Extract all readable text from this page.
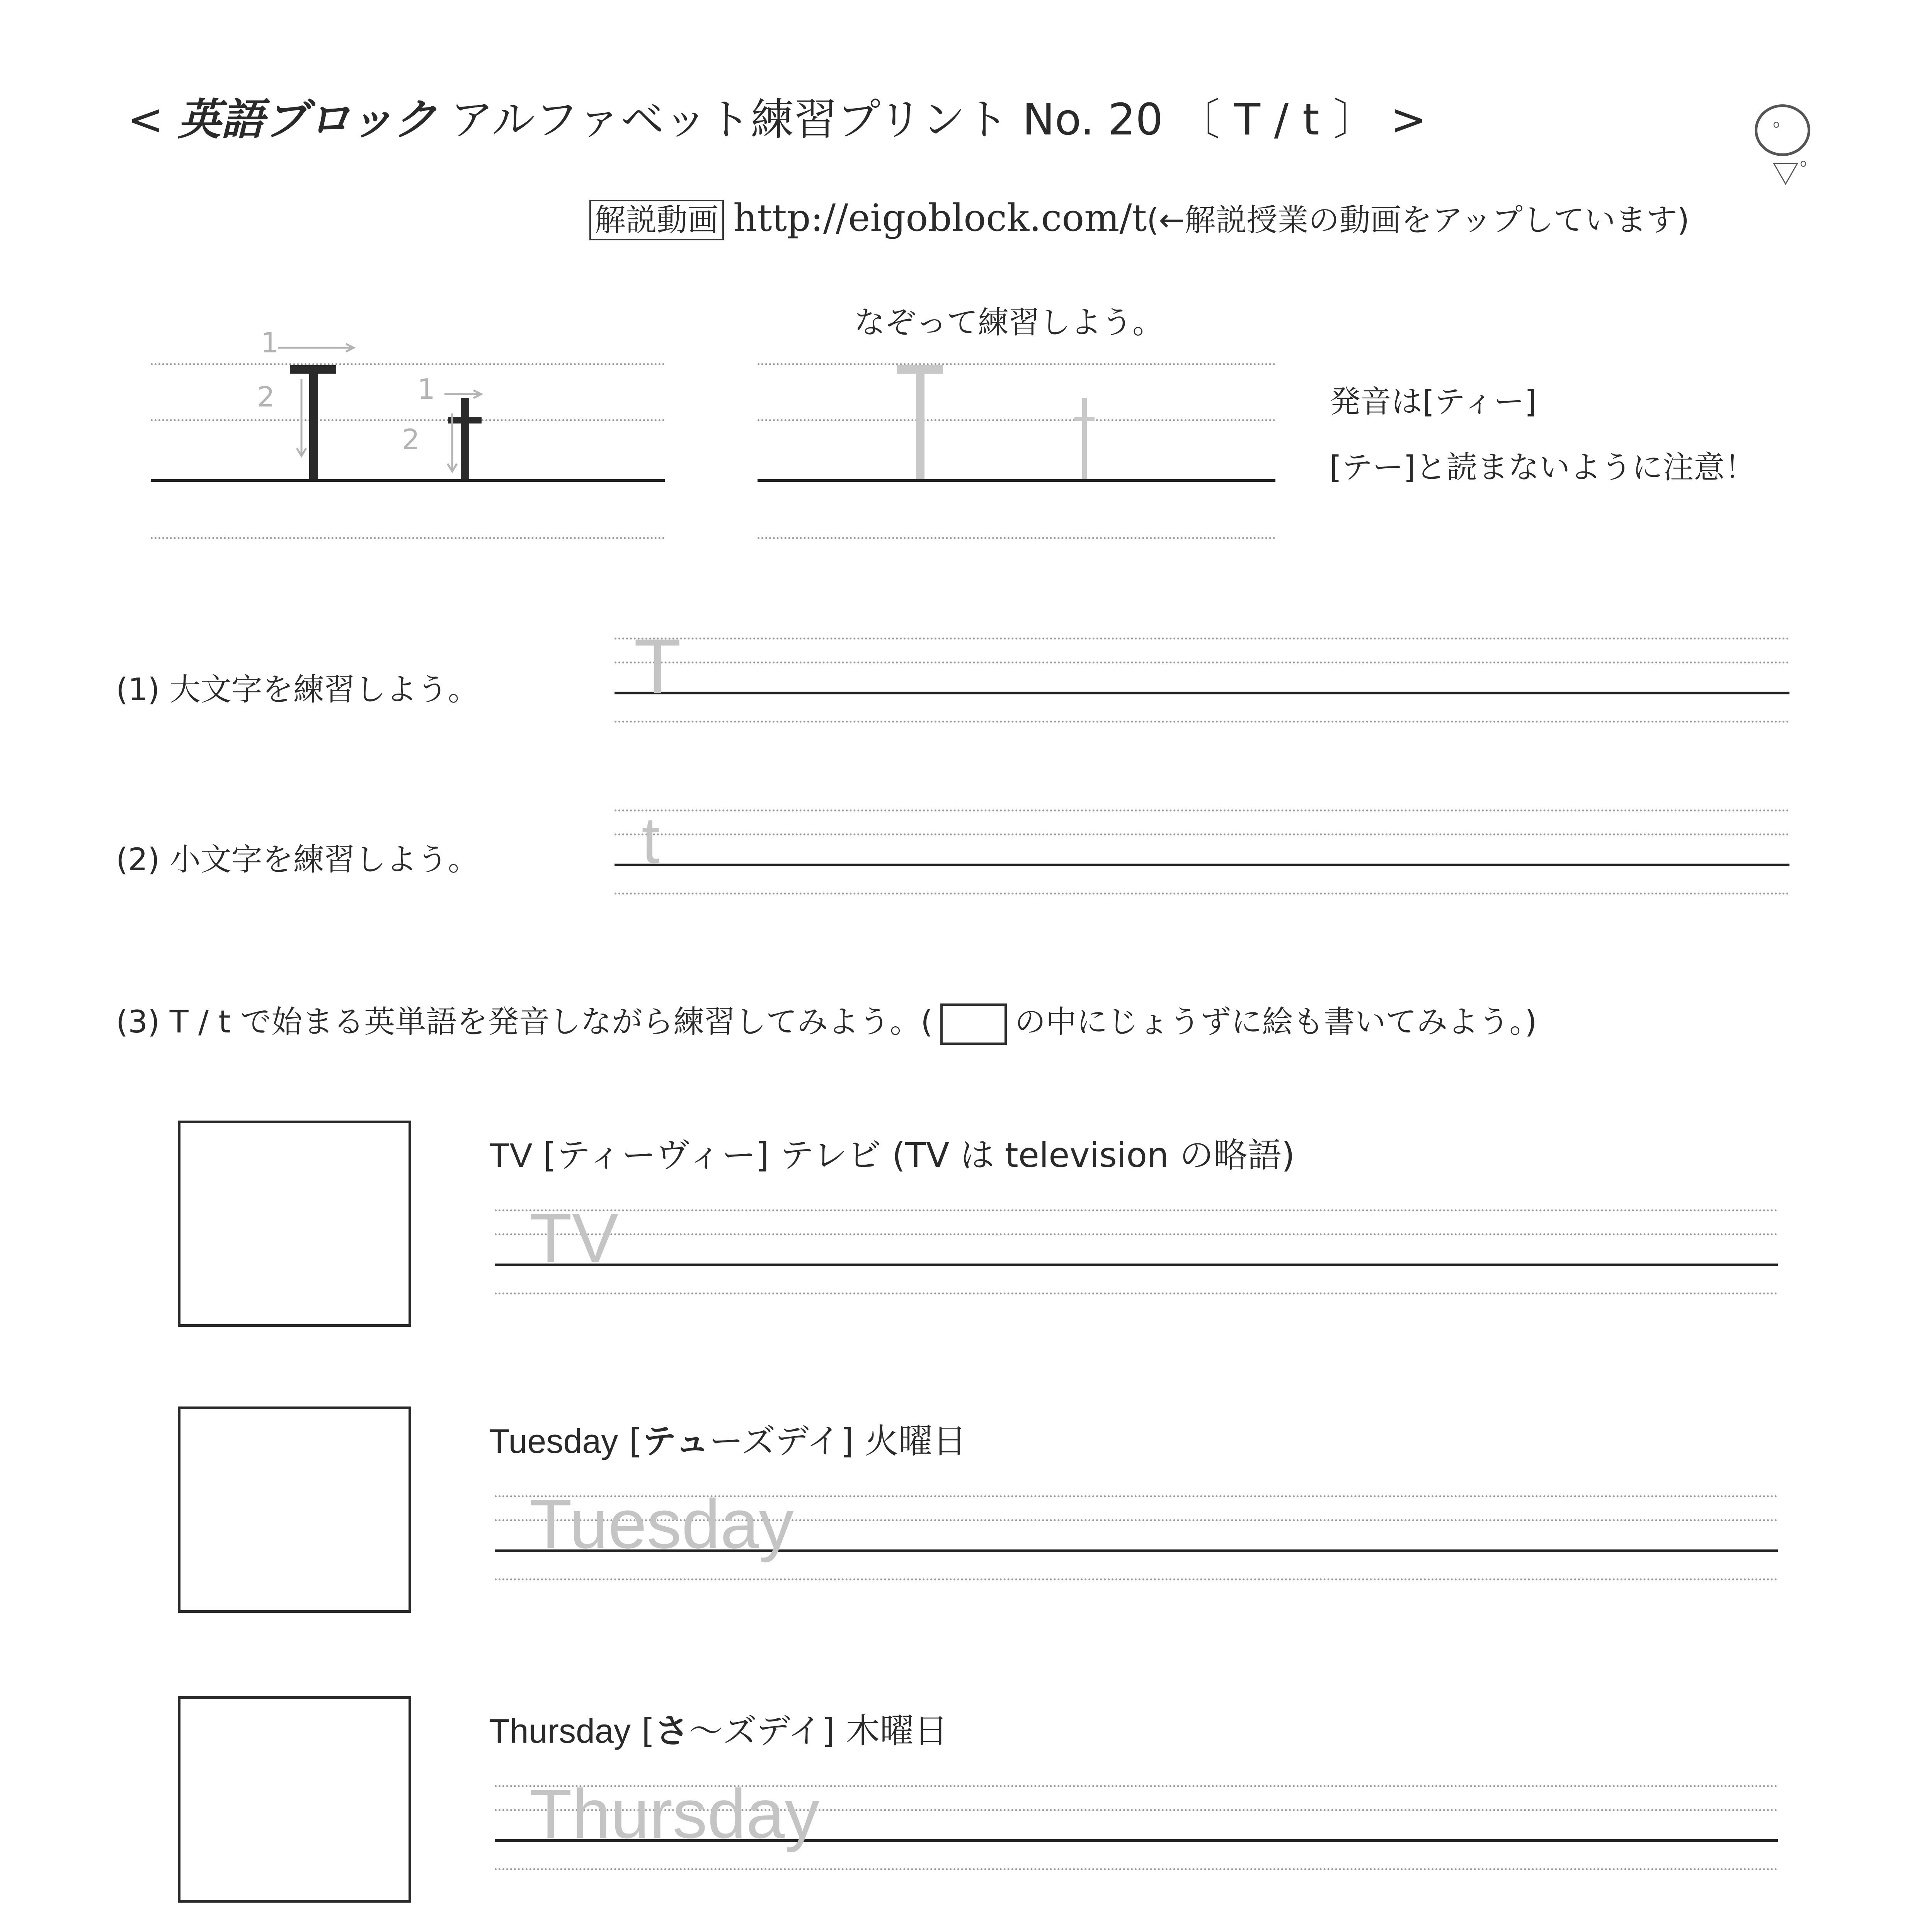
< 英語ブロック アルファベット練習プリント No. 20 〔 T / t 〕 >	ﾟ▽ﾟ
解説動画 http://eigoblock.com/t(←解説授業の動画をアップしています)
1
2	1
2
なぞって練習しよう。
発音は[ティー]
[テー]と読まないように注意！
(1) 大文字を練習しよう。 T
(2) 小文字を練習しよう。 t
(3) T / t で始まる英単語を発音しながら練習してみよう。(	の中にじょうずに絵も書いてみよう。)
TV [ティーヴィー] テレビ (TV は television の略語)
TV
Tuesday [テューズデイ] 火曜日
Tuesday
Thursday [さ〜ズデイ] 木曜日
Thursday
